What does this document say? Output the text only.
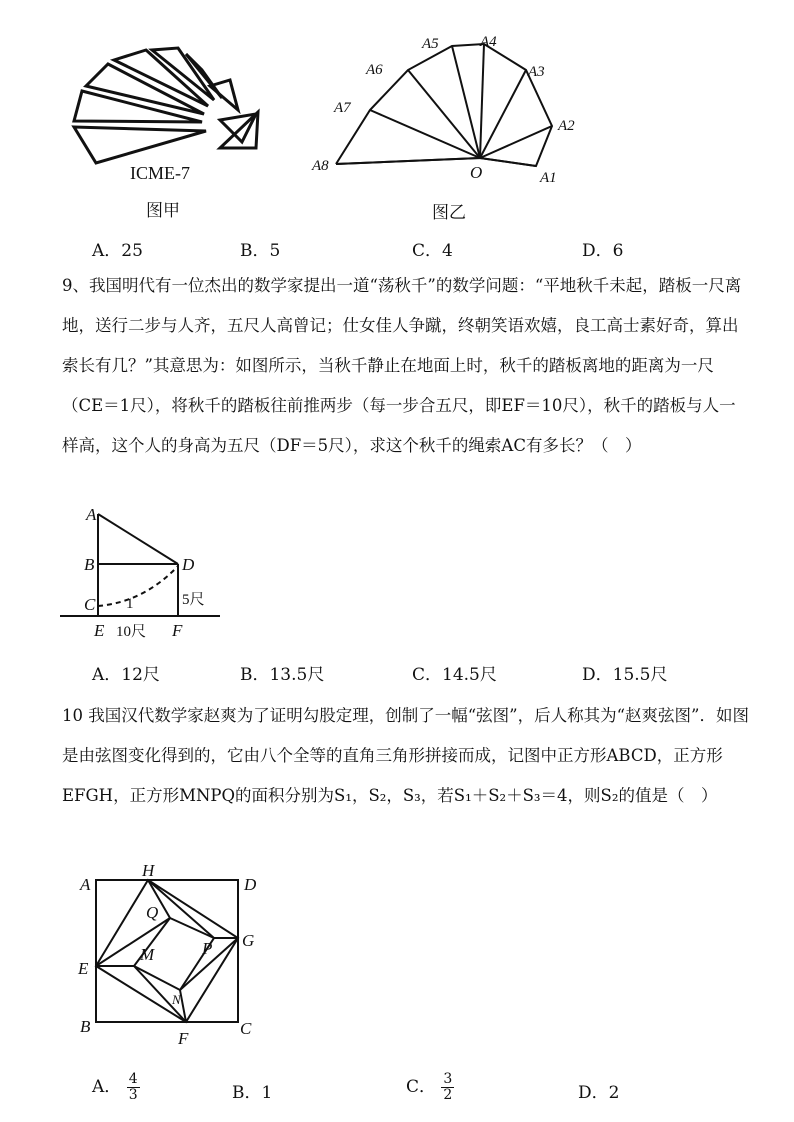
ICME-7
图甲
A1
A2
A3
A4
A5
A6
A7
A8	O
图乙
A．25	B．5	C．4	D．6
9、我国明代有一位杰出的数学家提出一道“荡秋千”的数学问题：“平地秋千未起，踏板一尺离地，送行二步与人齐，五尺人高曾记；仕女佳人争蹴，终朝笑语欢嬉，良工高士素好奇，算出索长有几？”其意思为：如图所示，当秋千静止在地面上时，秋千的踏板离地的距离为一尺（CE＝1尺），将秋千的踏板往前推两步（每一步合五尺，即EF＝10尺），秋千的踏板与人一样高，这个人的身高为五尺（DF＝5尺），求这个秋千的绳索AC有多长？（　）
A
B
C
D
E	F
1	5尺
10尺
A．12尺	B．13.5尺	C．14.5尺	D．15.5尺
10 我国汉代数学家赵爽为了证明勾股定理，创制了一幅“弦图”，后人称其为“赵爽弦图”．如图是由弦图变化得到的，它由八个全等的直角三角形拼接而成，记图中正方形ABCD，正方形EFGH，正方形MNPQ的面积分别为S₁，S₂，S₃，若S₁＋S₂＋S₃＝4，则S₂的值是（　）
A
H
D
G
E
B
F
C
Q
M	P
N
A． $\frac{4}{3}$	B．1	C． $\frac{3}{2}$	D．2
